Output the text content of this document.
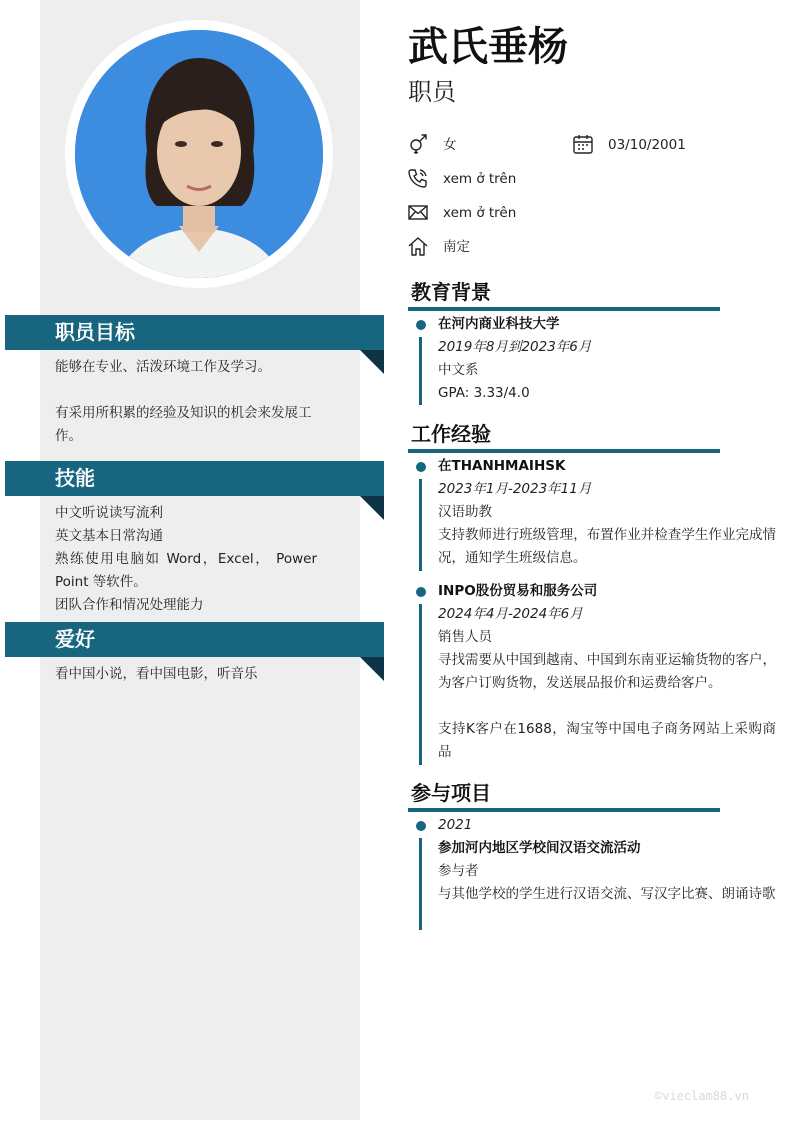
职员目标

能够在专业、活泼环境工作及学习。

有采用所积累的经验及知识的机会来发展工作。

技能

中文听说读写流利

英文基本日常沟通

熟练使用电脑如 Word，Excel， Power Point 等软件。

团队合作和情况处理能力

爱好
看中国小说，看中国电影，听音乐
武氏垂杨
职员
女	03/10/2001
xem ở trên
xem ở trên
南定
教育背景

在河内商业科技大学

2019年8月到2023年6月

中文系

GPA: 3.33/4.0

工作经验

在THANHMAIHSK

2023年1月-2023年11月

汉语助教

支持教师进行班级管理，布置作业并检查学生作业完成情况，通知学生班级信息。

INPO股份贸易和服务公司

2024年4月-2024年6月

销售人员

寻找需要从中国到越南、中国到东南亚运输货物的客户，为客户订购货物，发送展品报价和运费给客户。

支持K客户在1688，淘宝等中国电子商务网站上采购商品

参与项目

2021

参加河内地区学校间汉语交流活动

参与者

与其他学校的学生进行汉语交流、写汉字比赛、朗诵诗歌

©vieclam88.vn
